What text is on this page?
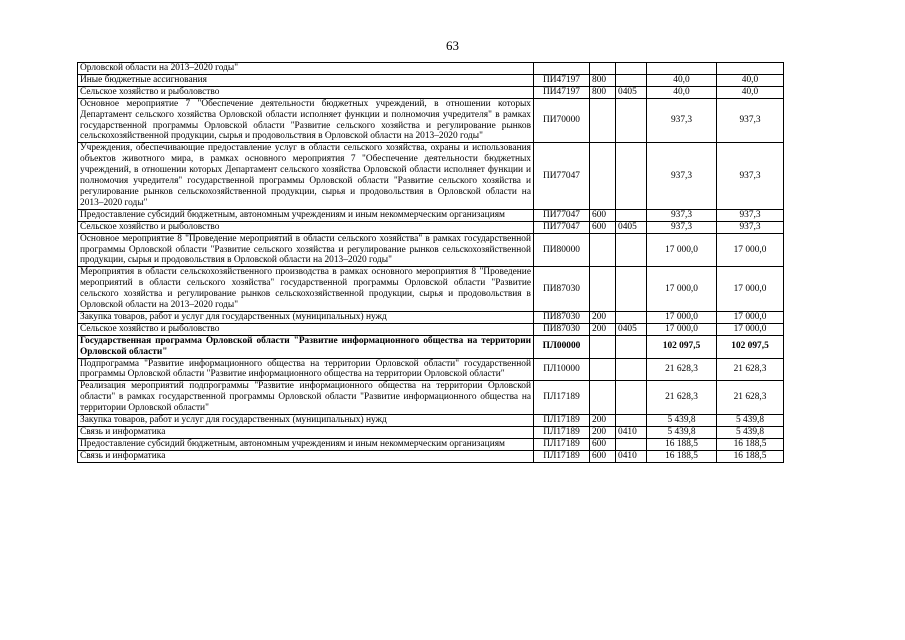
63
Орловской области на 2013–2020 годы"					
Иные бюджетные ассигнования	ПИ47197	800		40,0	40,0
Сельское хозяйство и рыболовство	ПИ47197	800	0405	40,0	40,0
Основное мероприятие 7 "Обеспечение деятельности бюджетных учреждений, в отношении которых Департамент сельского хозяйства Орловской области исполняет функции и полномочия учредителя" в рамках государственной программы Орловской области "Развитие сельского хозяйства и регулирование рынков сельскохозяйственной продукции, сырья и продовольствия в Орловской области на 2013–2020 годы"	ПИ70000			937,3	937,3
Учреждения, обеспечивающие предоставление услуг в области сельского хозяйства, охраны и использования объектов животного мира, в рамках основного мероприятия 7 "Обеспечение деятельности бюджетных учреждений, в отношении которых Департамент сельского хозяйства Орловской области исполняет функции и полномочия учредителя" государственной программы Орловской области "Развитие сельского хозяйства и регулирование рынков сельскохозяйственной продукции, сырья и продовольствия в Орловской области на 2013–2020 годы"	ПИ77047			937,3	937,3
Предоставление субсидий бюджетным, автономным учреждениям и иным некоммерческим организациям	ПИ77047	600		937,3	937,3
Сельское хозяйство и рыболовство	ПИ77047	600	0405	937,3	937,3
Основное мероприятие 8 "Проведение мероприятий в области сельского хозяйства" в рамках государственной программы Орловской области "Развитие сельского хозяйства и регулирование рынков сельскохозяйственной продукции, сырья и продовольствия в Орловской области на 2013–2020 годы"	ПИ80000			17 000,0	17 000,0
Мероприятия в области сельскохозяйственного производства в рамках основного мероприятия 8 "Проведение мероприятий в области сельского хозяйства" государственной программы Орловской области "Развитие сельского хозяйства и регулирование рынков сельскохозяйственной продукции, сырья и продовольствия в Орловской области на 2013–2020 годы"	ПИ87030			17 000,0	17 000,0
Закупка товаров, работ и услуг для государственных (муниципальных) нужд	ПИ87030	200		17 000,0	17 000,0
Сельское хозяйство и рыболовство	ПИ87030	200	0405	17 000,0	17 000,0
Государственная программа Орловской области "Развитие информационного общества на территории Орловской области"	ПЛ00000			102 097,5	102 097,5
Подпрограмма "Развитие информационного общества на территории Орловской области" государственной программы Орловской области "Развитие информационного общества на территории Орловской области"	ПЛ10000			21 628,3	21 628,3
Реализация мероприятий подпрограммы "Развитие информационного общества на территории Орловской области" в рамках государственной программы Орловской области "Развитие информационного общества на территории Орловской области"	ПЛ17189			21 628,3	21 628,3
Закупка товаров, работ и услуг для государственных (муниципальных) нужд	ПЛ17189	200		5 439,8	5 439,8
Связь и информатика	ПЛ17189	200	0410	5 439,8	5 439,8
Предоставление субсидий бюджетным, автономным учреждениям и иным некоммерческим организациям	ПЛ17189	600		16 188,5	16 188,5
Связь и информатика	ПЛ17189	600	0410	16 188,5	16 188,5
